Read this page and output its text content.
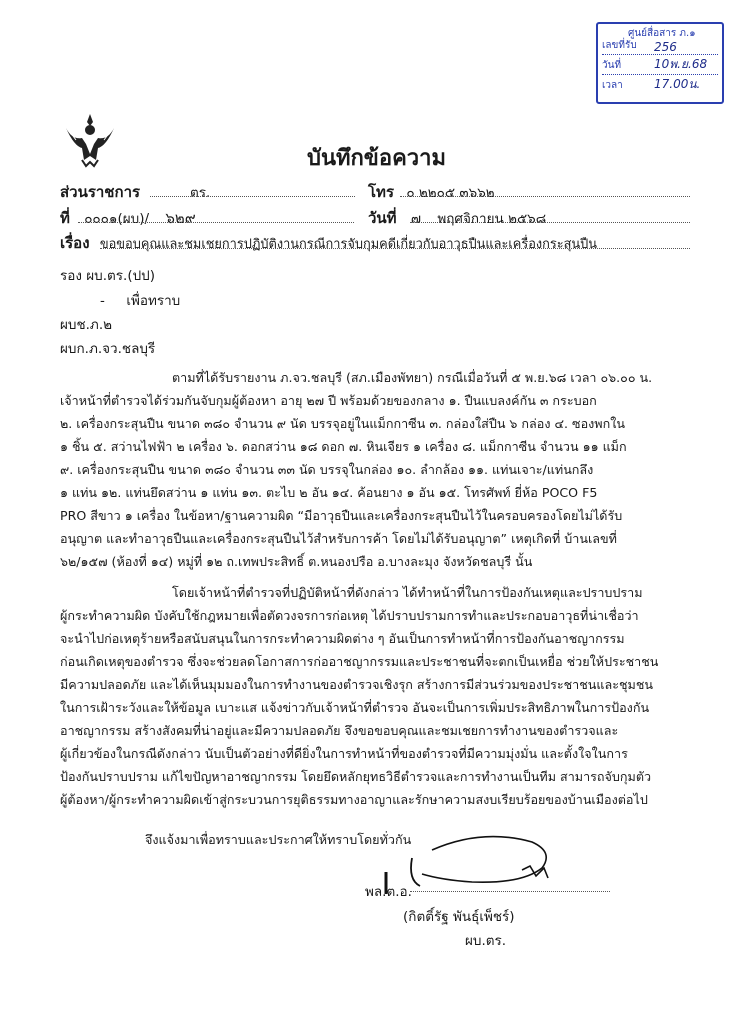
ศูนย์สื่อสาร ภ.๑
เลขที่รับ 256
วันที่	10พ.ย.68
เวลา	17.00น.
บันทึกข้อความ
ส่วนราชการ	ตร.	โทร ๐ ๒๒๐๕ ๓๖๖๒
ที่ ๐๐๐๑(ผบ)/ ๖๒๙	วันที่ ๗ พฤศจิกายน ๒๕๖๘
เรื่อง ขอขอบคุณและชมเชยการปฏิบัติงานกรณีการจับกุมคดีเกี่ยวกับอาวุธปืนและเครื่องกระสุนปืน
รอง ผบ.ตร.(ปป)
-     เพื่อทราบ
ผบช.ภ.๒
ผบก.ภ.จว.ชลบุรี
ตามที่ได้รับรายงาน ภ.จว.ชลบุรี (สภ.เมืองพัทยา) กรณีเมื่อวันที่ ๕ พ.ย.๖๘ เวลา ๐๖.๐๐ น.
เจ้าหน้าที่ตำรวจได้ร่วมกันจับกุมผู้ต้องหา อายุ ๒๗ ปี พร้อมด้วยของกลาง ๑. ปืนแบลงค์กัน ๓ กระบอก
๒. เครื่องกระสุนปืน ขนาด ๓๘๐ จำนวน ๙ นัด บรรจุอยู่ในแม็กกาซีน ๓. กล่องใส่ปืน ๖ กล่อง ๔. ซองพกใน
๑ ชิ้น ๕. สว่านไฟฟ้า ๒ เครื่อง ๖. ดอกสว่าน ๑๘ ดอก ๗. หินเจียร ๑ เครื่อง ๘. แม็กกาซีน จำนวน ๑๑ แม็ก
๙. เครื่องกระสุนปืน ขนาด ๓๘๐ จำนวน ๓๓ นัด บรรจุในกล่อง ๑๐. ลำกล้อง ๑๑. แท่นเจาะ/แท่นกลึง
๑ แท่น ๑๒. แท่นยึดสว่าน ๑ แท่น ๑๓. ตะไบ ๒ อัน ๑๔. ค้อนยาง ๑ อัน ๑๕. โทรศัพท์ ยี่ห้อ POCO F5
PRO สีขาว ๑ เครื่อง ในข้อหา/ฐานความผิด “มีอาวุธปืนและเครื่องกระสุนปืนไว้ในครอบครองโดยไม่ได้รับ
อนุญาต และทำอาวุธปืนและเครื่องกระสุนปืนไว้สำหรับการค้า โดยไม่ได้รับอนุญาต” เหตุเกิดที่ บ้านเลขที่
๖๒/๑๕๗ (ห้องที่ ๑๔) หมู่ที่ ๑๒ ถ.เทพประสิทธิ์ ต.หนองปรือ อ.บางละมุง จังหวัดชลบุรี นั้น
โดยเจ้าหน้าที่ตำรวจที่ปฏิบัติหน้าที่ดังกล่าว ได้ทำหน้าที่ในการป้องกันเหตุและปราบปราม
ผู้กระทำความผิด บังคับใช้กฎหมายเพื่อตัดวงจรการก่อเหตุ ได้ปราบปรามการทำและประกอบอาวุธที่น่าเชื่อว่า
จะนำไปก่อเหตุร้ายหรือสนับสนุนในการกระทำความผิดต่าง ๆ อันเป็นการทำหน้าที่การป้องกันอาชญากรรม
ก่อนเกิดเหตุของตำรวจ ซึ่งจะช่วยลดโอกาสการก่ออาชญากรรมและประชาชนที่จะตกเป็นเหยื่อ ช่วยให้ประชาชน
มีความปลอดภัย และได้เห็นมุมมองในการทำงานของตำรวจเชิงรุก สร้างการมีส่วนร่วมของประชาชนและชุมชน
ในการเฝ้าระวังและให้ข้อมูล เบาะแส แจ้งข่าวกับเจ้าหน้าที่ตำรวจ อันจะเป็นการเพิ่มประสิทธิภาพในการป้องกัน
อาชญากรรม สร้างสังคมที่น่าอยู่และมีความปลอดภัย จึงขอขอบคุณและชมเชยการทำงานของตำรวจและ
ผู้เกี่ยวข้องในกรณีดังกล่าว นับเป็นตัวอย่างที่ดียิ่งในการทำหน้าที่ของตำรวจที่มีความมุ่งมั่น และตั้งใจในการ
ป้องกันปราบปราม แก้ไขปัญหาอาชญากรรม โดยยึดหลักยุทธวิธีตำรวจและการทำงานเป็นทีม สามารถจับกุมตัว
ผู้ต้องหา/ผู้กระทำความผิดเข้าสู่กระบวนการยุติธรรมทางอาญาและรักษาความสงบเรียบร้อยของบ้านเมืองต่อไป
จึงแจ้งมาเพื่อทราบและประกาศให้ทราบโดยทั่วกัน
พล.ต.อ.
(กิตติ์รัฐ พันธุ์เพ็ชร์)
ผบ.ตร.
